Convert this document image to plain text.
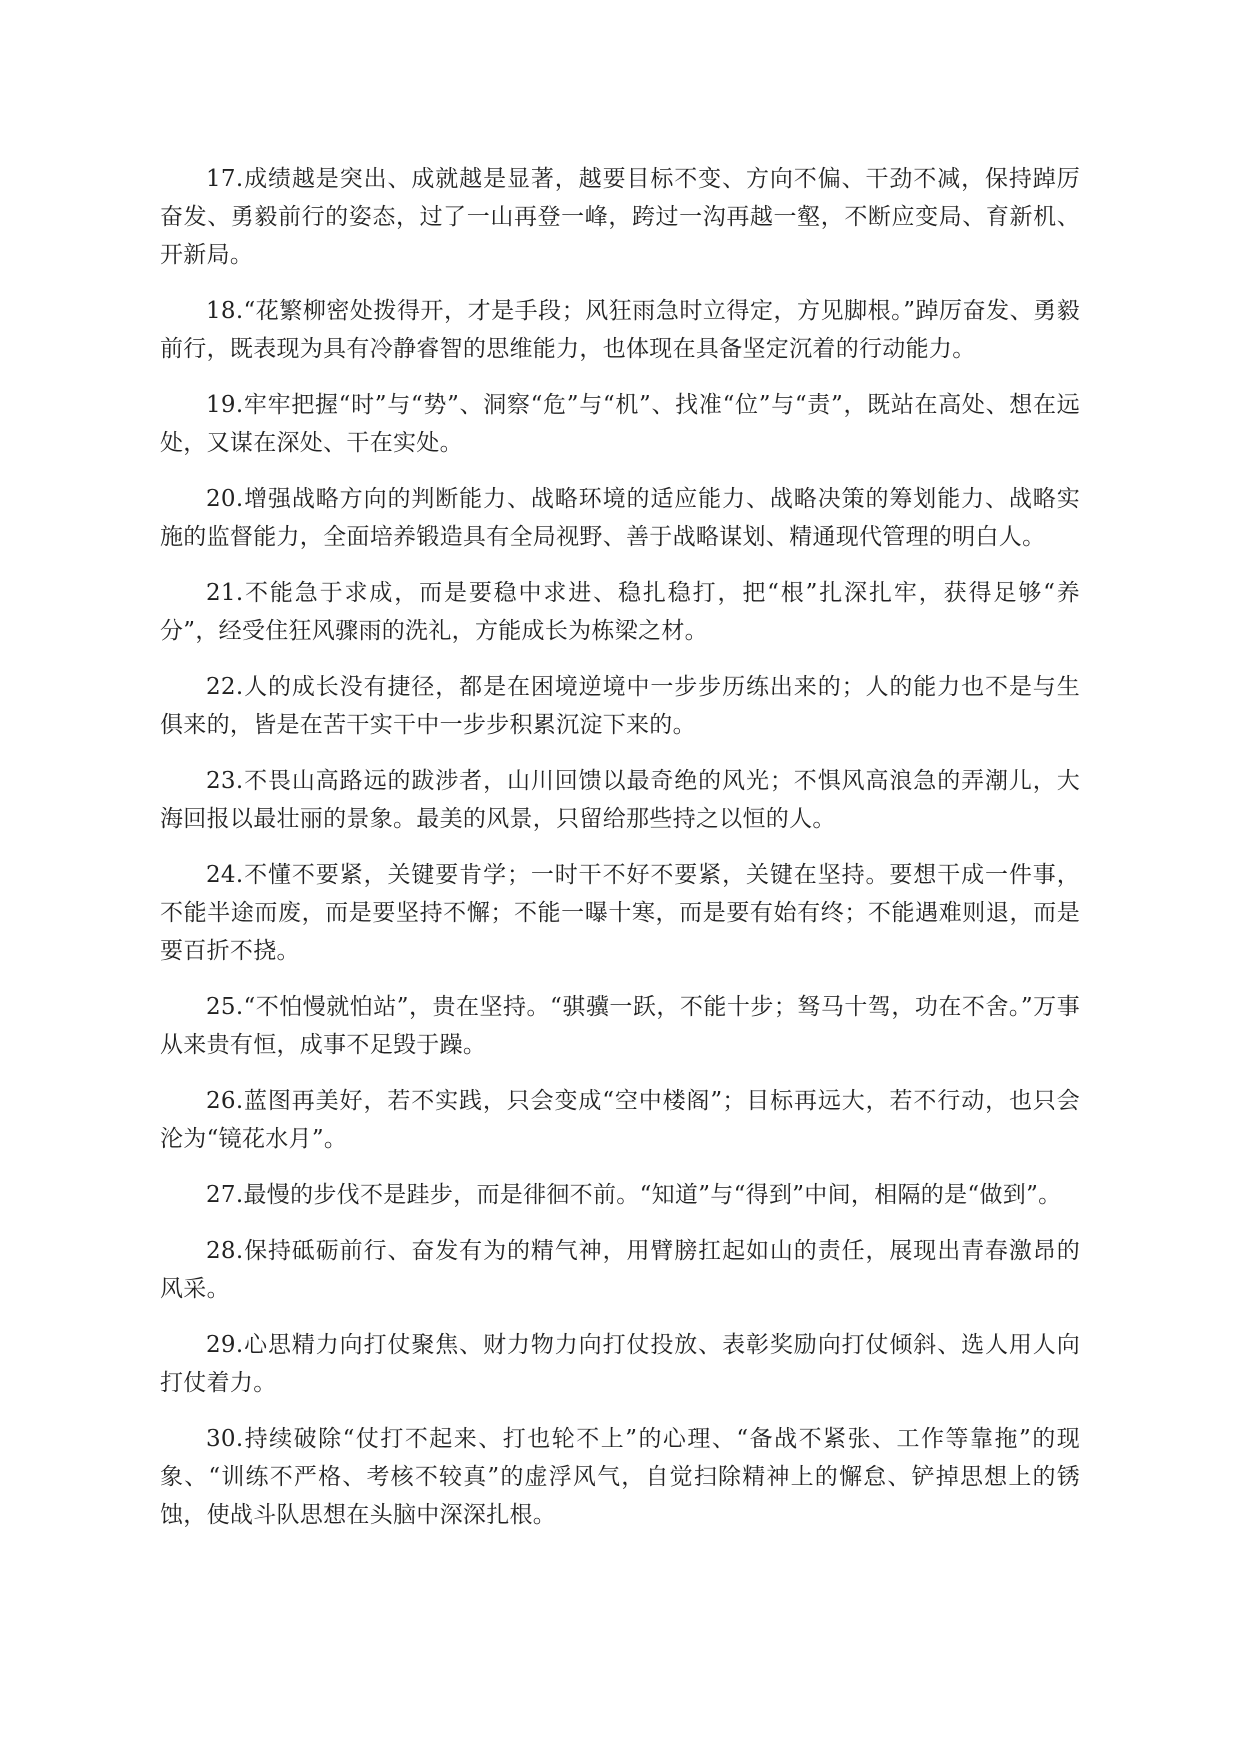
17.成绩越是突出、成就越是显著，越要目标不变、方向不偏、干劲不减，保持踔厉奋发、勇毅前行的姿态，过了一山再登一峰，跨过一沟再越一壑，不断应变局、育新机、开新局。

18.“花繁柳密处拨得开，才是手段；风狂雨急时立得定，方见脚根。”踔厉奋发、勇毅前行，既表现为具有冷静睿智的思维能力，也体现在具备坚定沉着的行动能力。

19.牢牢把握“时”与“势”、洞察“危”与“机”、找准“位”与“责”，既站在高处、想在远处，又谋在深处、干在实处。

20.增强战略方向的判断能力、战略环境的适应能力、战略决策的筹划能力、战略实施的监督能力，全面培养锻造具有全局视野、善于战略谋划、精通现代管理的明白人。

21.不能急于求成，而是要稳中求进、稳扎稳打，把“根”扎深扎牢，获得足够“养分”，经受住狂风骤雨的洗礼，方能成长为栋梁之材。

22.人的成长没有捷径，都是在困境逆境中一步步历练出来的；人的能力也不是与生俱来的，皆是在苦干实干中一步步积累沉淀下来的。

23.不畏山高路远的跋涉者，山川回馈以最奇绝的风光；不惧风高浪急的弄潮儿，大海回报以最壮丽的景象。最美的风景，只留给那些持之以恒的人。

24.不懂不要紧，关键要肯学；一时干不好不要紧，关键在坚持。要想干成一件事，不能半途而废，而是要坚持不懈；不能一曝十寒，而是要有始有终；不能遇难则退，而是要百折不挠。

25.“不怕慢就怕站”，贵在坚持。“骐骥一跃，不能十步；驽马十驾，功在不舍。”万事从来贵有恒，成事不足毁于躁。

26.蓝图再美好，若不实践，只会变成“空中楼阁”；目标再远大，若不行动，也只会沦为“镜花水月”。

27.最慢的步伐不是跬步，而是徘徊不前。“知道”与“得到”中间，相隔的是“做到”。

28.保持砥砺前行、奋发有为的精气神，用臂膀扛起如山的责任，展现出青春激昂的风采。

29.心思精力向打仗聚焦、财力物力向打仗投放、表彰奖励向打仗倾斜、选人用人向打仗着力。

30.持续破除“仗打不起来、打也轮不上”的心理、“备战不紧张、工作等靠拖”的现象、“训练不严格、考核不较真”的虚浮风气，自觉扫除精神上的懈怠、铲掉思想上的锈蚀，使战斗队思想在头脑中深深扎根。
